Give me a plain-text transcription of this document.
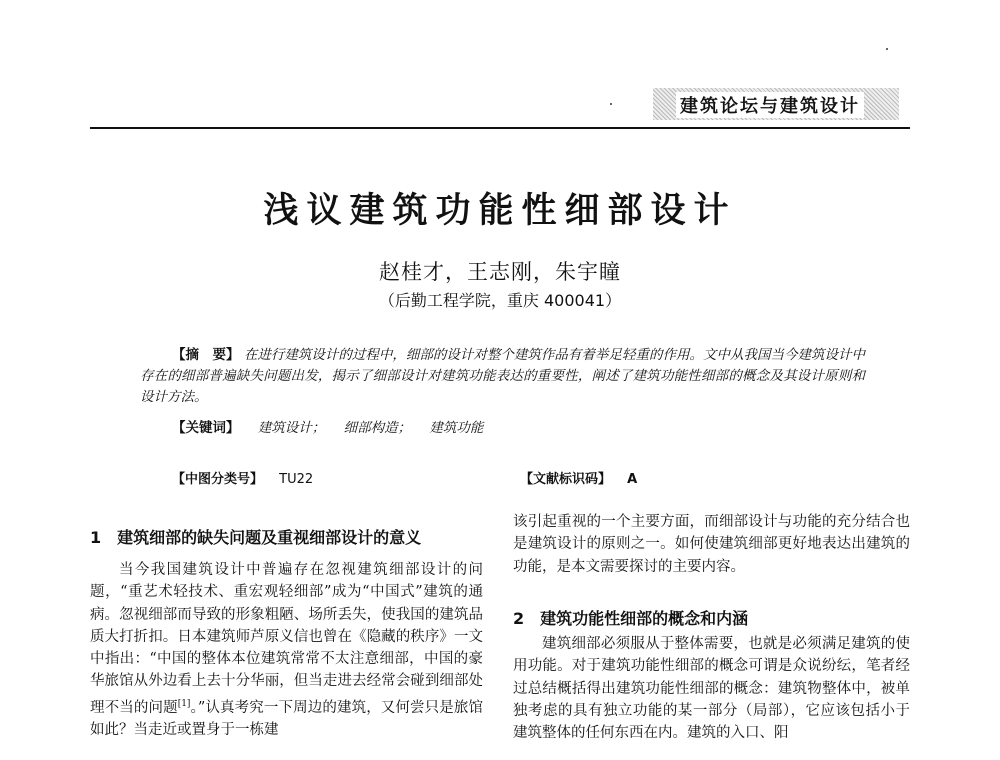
建筑论坛与建筑设计
浅议建筑功能性细部设计
赵桂才，王志刚，朱宇瞳
（后勤工程学院，重庆 400041）
【摘　要】 在进行建筑设计的过程中，细部的设计对整个建筑作品有着举足轻重的作用。文中从我国当今建筑设计中存在的细部普遍缺失问题出发，揭示了细部设计对建筑功能表达的重要性，阐述了建筑功能性细部的概念及其设计原则和设计方法。
【关键词】 建筑设计； 细部构造； 建筑功能
【中图分类号】 TU22	【文献标识码】 A
1　建筑细部的缺失问题及重视细部设计的意义
当今我国建筑设计中普遍存在忽视建筑细部设计的问题，“重艺术轻技术、重宏观轻细部”成为“中国式”建筑的通病。忽视细部而导致的形象粗陋、场所丢失，使我国的建筑品质大打折扣。日本建筑师芦原义信也曾在《隐藏的秩序》一文中指出：“中国的整体本位建筑常常不太注意细部，中国的豪华旅馆从外边看上去十分华丽，但当走进去经常会碰到细部处理不当的问题[1]。”认真考究一下周边的建筑，又何尝只是旅馆如此？当走近或置身于一栋建
该引起重视的一个主要方面，而细部设计与功能的充分结合也是建筑设计的原则之一。如何使建筑细部更好地表达出建筑的功能，是本文需要探讨的主要内容。
2　建筑功能性细部的概念和内涵
建筑细部必须服从于整体需要，也就是必须满足建筑的使用功能。对于建筑功能性细部的概念可谓是众说纷纭，笔者经过总结概括得出建筑功能性细部的概念：建筑物整体中，被单独考虑的具有独立功能的某一部分（局部），它应该包括小于建筑整体的任何东西在内。建筑的入口、阳
